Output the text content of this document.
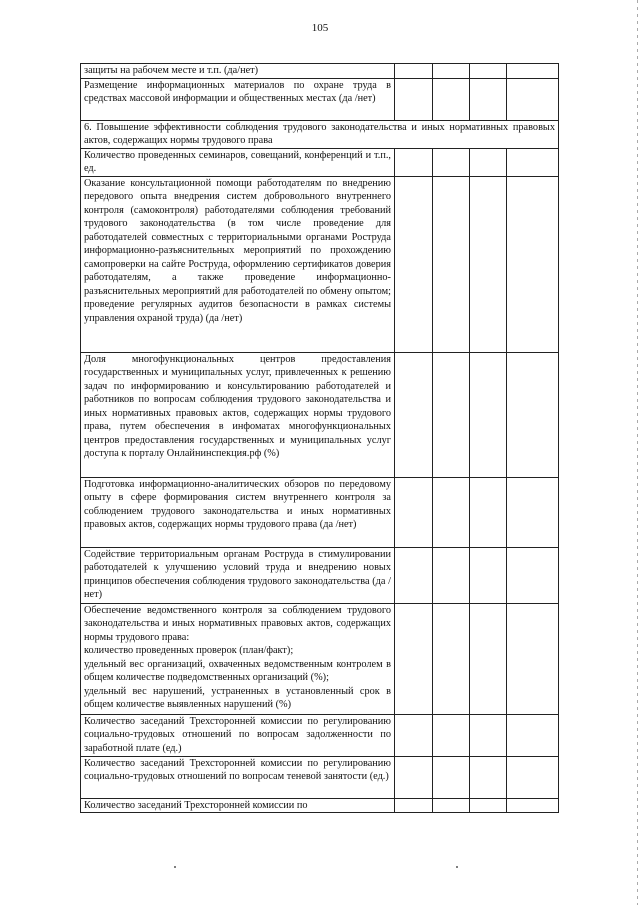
105
защиты на рабочем месте и т.п. (да/нет)				
Размещение информационных материалов по охране труда в средствах массовой информации и общественных местах (да /нет)				
6. Повышение эффективности соблюдения трудового законодательства и иных нормативных правовых актов, содержащих нормы трудового права				
Количество проведенных семинаров, совещаний, конференций и т.п., ед.				
Оказание консультационной помощи работодателям по внедрению передового опыта внедрения систем добровольного внутреннего контроля (самоконтроля) работодателями соблюдения требований трудового законодательства (в том числе проведение для работодателей совместных с территориальными органами Роструда информационно-разъяснительных мероприятий по прохождению самопроверки на сайте Роструда, оформлению сертификатов доверия работодателям, а также проведение информационно-разъяснительных мероприятий для работодателей по обмену опытом; проведение регулярных аудитов безопасности в рамках системы управления охраной труда) (да /нет)				
Доля многофункциональных центров предоставления государственных и муниципальных услуг, привлеченных к решению задач по информированию и консультированию работодателей и работников по вопросам соблюдения трудового законодательства и иных нормативных правовых актов, содержащих нормы трудового права, путем обеспечения в инфоматах многофункциональных центров предоставления государственных и муниципальных услуг доступа к порталу Онлайнинспекция.рф (%)				
Подготовка информационно-аналитических обзоров по передовому опыту в сфере формирования систем внутреннего контроля за соблюдением трудового законодательства и иных нормативных правовых актов, содержащих нормы трудового права (да /нет)				
Содействие территориальным органам Роструда в стимулировании работодателей к улучшению условий труда и внедрению новых принципов обеспечения соблюдения трудового законодательства (да /нет)				
Обеспечение ведомственного контроля за соблюдением трудового законодательства и иных нормативных правовых актов, содержащих нормы трудового права:
количество проведенных проверок (план/факт);
удельный вес организаций, охваченных ведомственным контролем в общем количестве подведомственных организаций (%);
удельный вес нарушений, устраненных в установленный срок в общем количестве выявленных нарушений (%)				
Количество заседаний Трехсторонней комиссии по регулированию социально-трудовых отношений по вопросам задолженности по заработной плате (ед.)				
Количество заседаний Трехсторонней комиссии по регулированию социально-трудовых отношений по вопросам теневой занятости (ед.)				
Количество заседаний Трехсторонней комиссии по				
